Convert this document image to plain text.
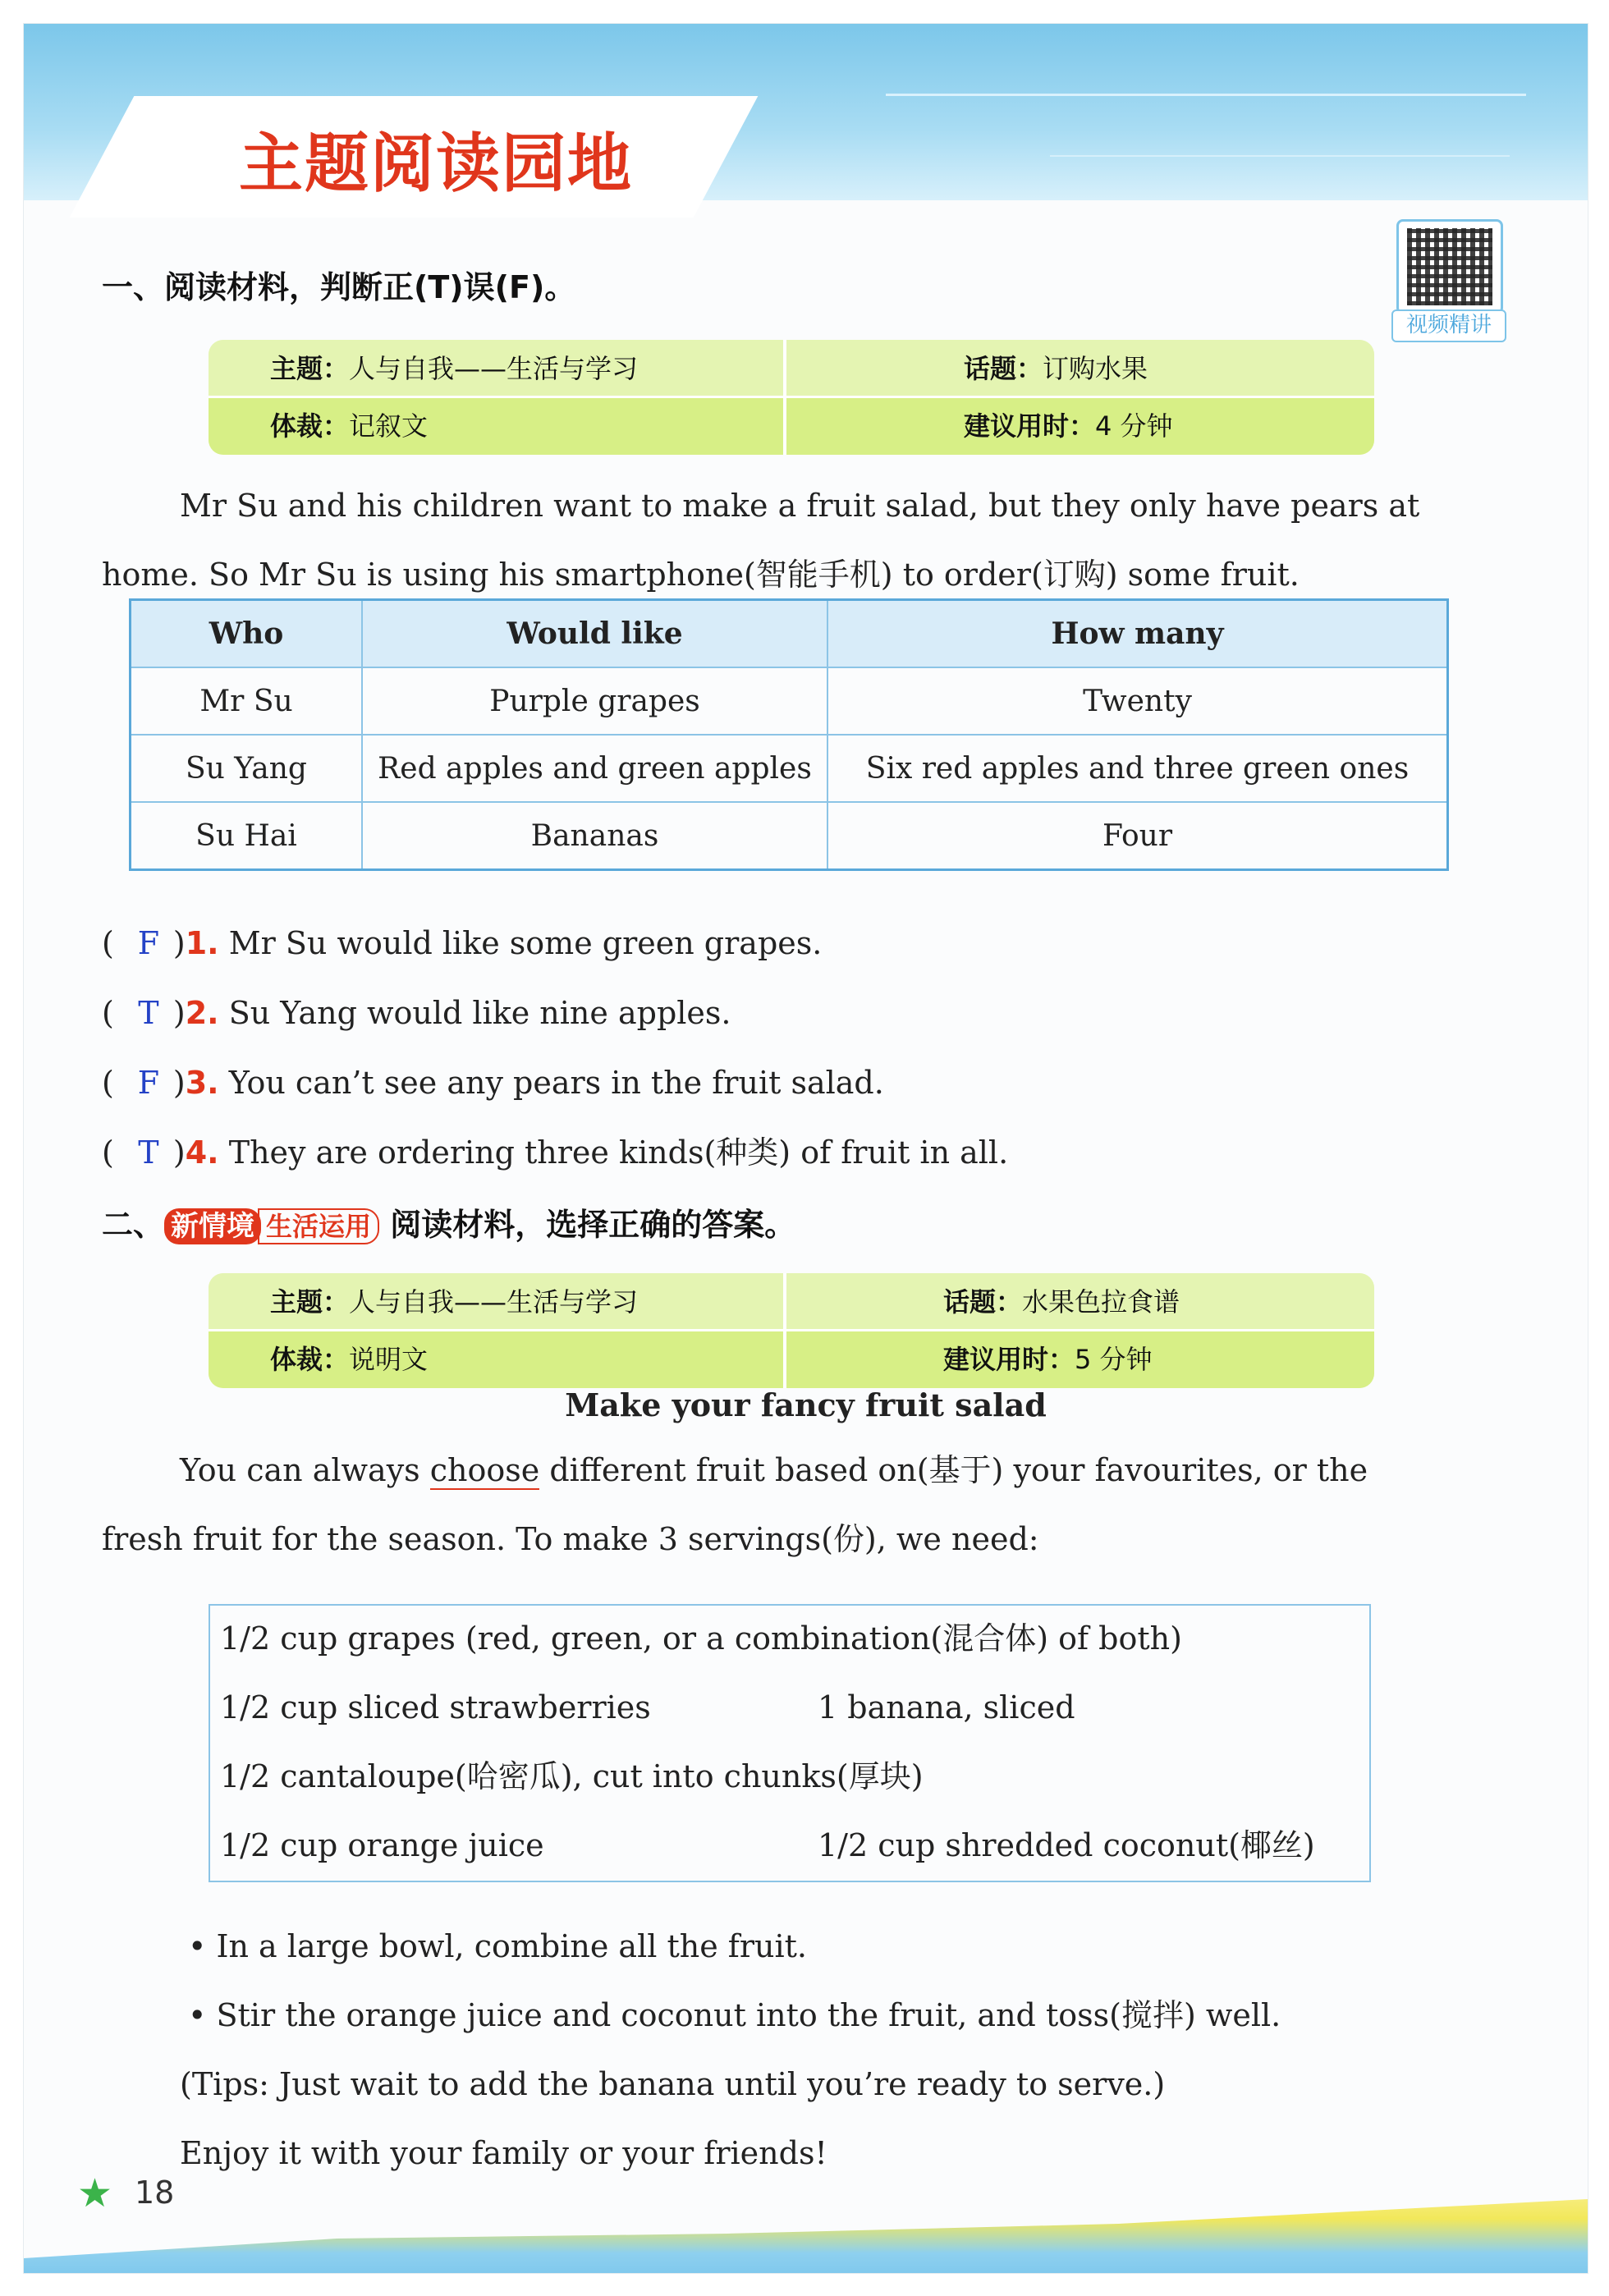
主题阅读园地
视频精讲
一、阅读材料，判断正(T)误(F)。
主题：人与自我——生活与学习	话题：订购水果
体裁：记叙文	建议用时：4 分钟
Mr Su and his children want to make a fruit salad, but they only have pears at
home. So Mr Su is using his smartphone(智能手机) to order(订购) some fruit.
Who	Would like	How many
Mr Su	Purple grapes	Twenty
Su Yang	Red apples and green apples	Six red apples and three green ones
Su Hai	Bananas	Four
( F )1. Mr Su would like some green grapes.
( T )2. Su Yang would like nine apples.
( F )3. You can’t see any pears in the fruit salad.
( T )4. They are ordering three kinds(种类) of fruit in all.
二、 新情境 生活运用 阅读材料，选择正确的答案。
主题：人与自我——生活与学习	话题：水果色拉食谱
体裁：说明文	建议用时：5 分钟
Make your fancy fruit salad
You can always choose different fruit based on(基于) your favourites, or the
fresh fruit for the season. To make 3 servings(份), we need:
1/2 cup grapes (red, green, or a combination(混合体) of both)
1/2 cup sliced strawberries	1 banana, sliced
1/2 cantaloupe(哈密瓜), cut into chunks(厚块)
1/2 cup orange juice	1/2 cup shredded coconut(椰丝)
• In a large bowl, combine all the fruit.
• Stir the orange juice and coconut into the fruit, and toss(搅拌) well.
(Tips: Just wait to add the banana until you’re ready to serve.)
Enjoy it with your family or your friends!
★ 18
